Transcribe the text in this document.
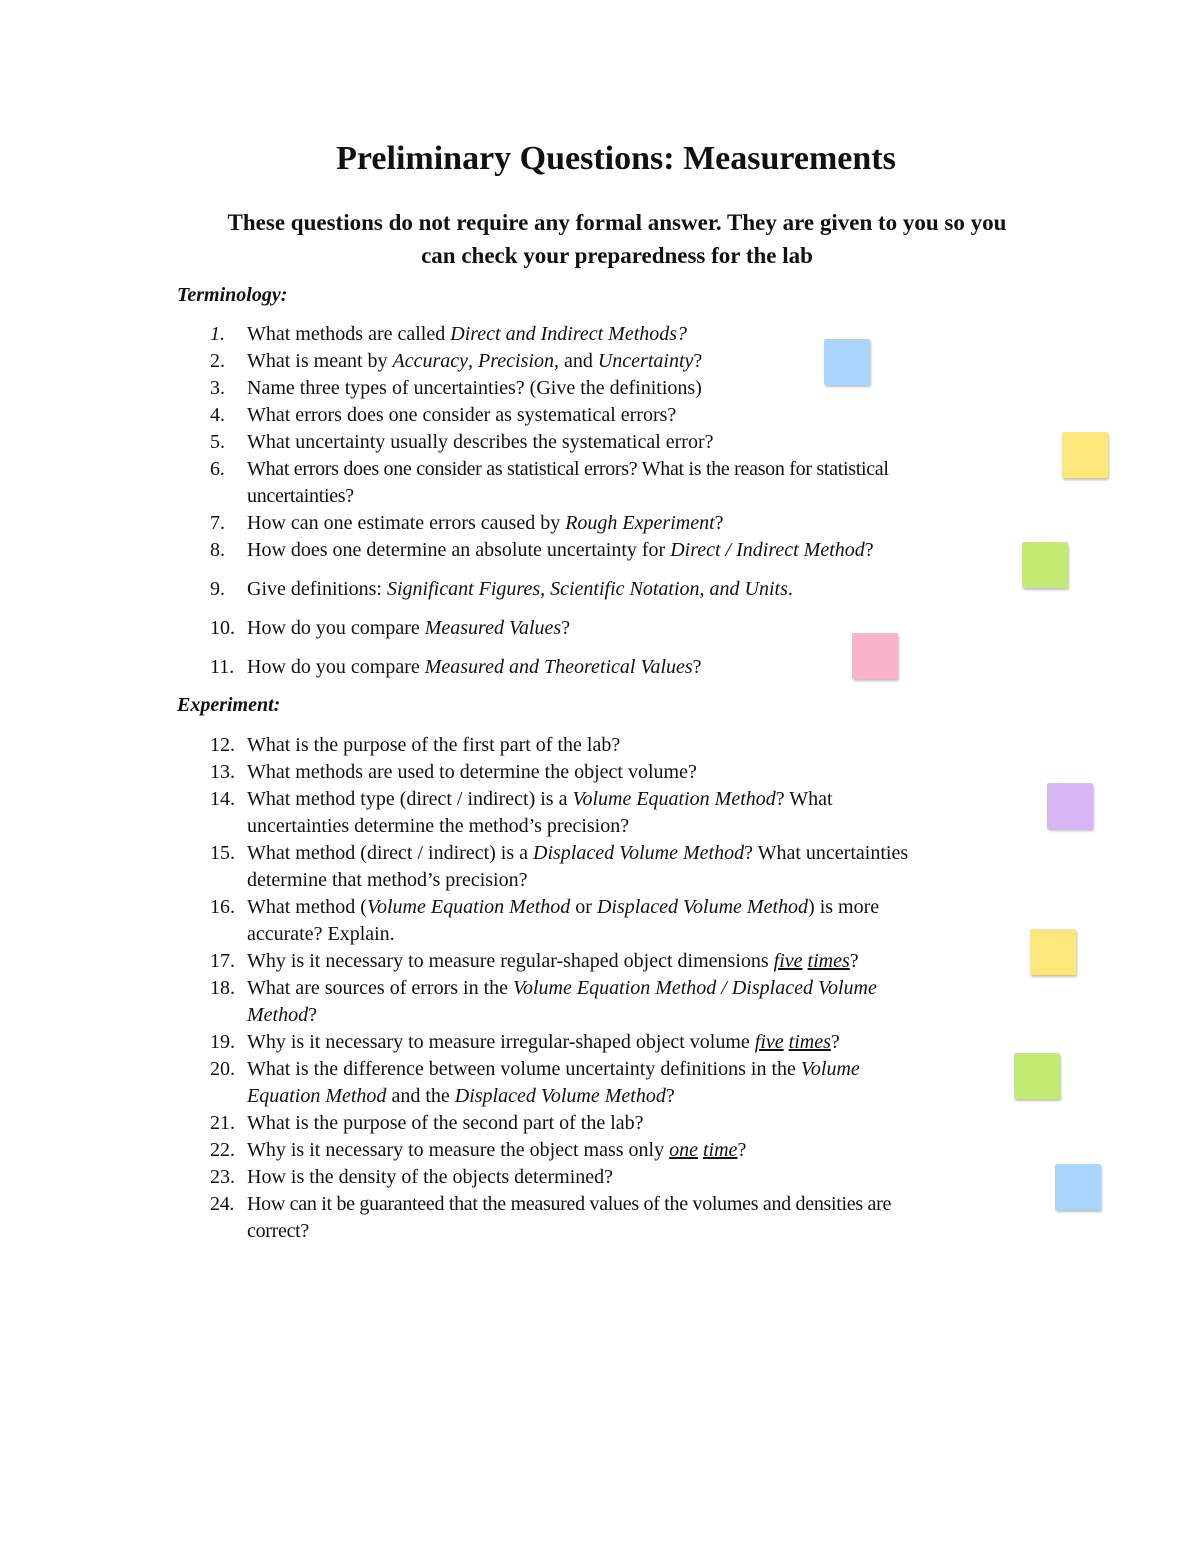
Preliminary Questions: Measurements

These questions do not require any formal answer. They are given to you so you
can check your preparedness for the lab

Terminology:

1. What methods are called Direct and Indirect Methods?
2. What is meant by Accuracy, Precision, and Uncertainty?
3. Name three types of uncertainties? (Give the definitions)
4. What errors does one consider as systematical errors?
5. What uncertainty usually describes the systematical error?
6. What errors does one consider as statistical errors? What is the reason for statistical
uncertainties?
7. How can one estimate errors caused by Rough Experiment?
8. How does one determine an absolute uncertainty for Direct / Indirect Method?
9. Give definitions: Significant Figures, Scientific Notation, and Units.
10. How do you compare Measured Values?
11. How do you compare Measured and Theoretical Values?

Experiment:

12. What is the purpose of the first part of the lab?
13. What methods are used to determine the object volume?
14. What method type (direct / indirect) is a Volume Equation Method? What
uncertainties determine the method’s precision?
15. What method (direct / indirect) is a Displaced Volume Method? What uncertainties
determine that method’s precision?
16. What method (Volume Equation Method or Displaced Volume Method) is more
accurate? Explain.
17. Why is it necessary to measure regular-shaped object dimensions five times?
18. What are sources of errors in the Volume Equation Method / Displaced Volume
Method?
19. Why is it necessary to measure irregular-shaped object volume five times?
20. What is the difference between volume uncertainty definitions in the Volume
Equation Method and the Displaced Volume Method?
21. What is the purpose of the second part of the lab?
22. Why is it necessary to measure the object mass only one time?
23. How is the density of the objects determined?
24. How can it be guaranteed that the measured values of the volumes and densities are
correct?
